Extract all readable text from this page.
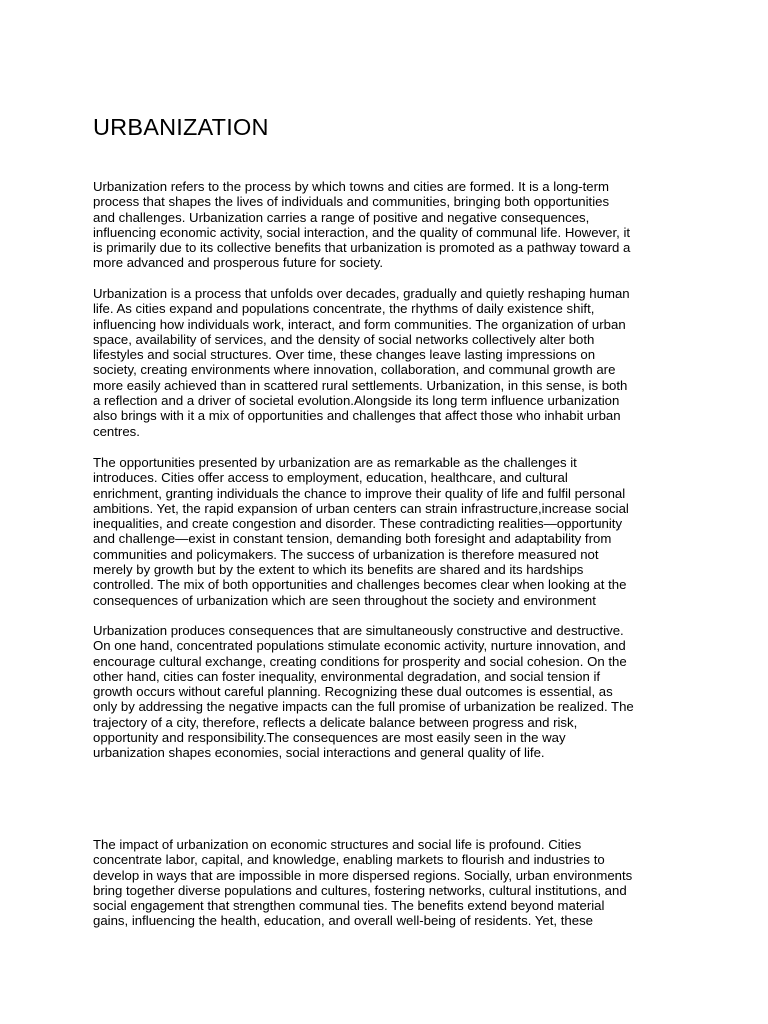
URBANIZATION

Urbanization refers to the process by which towns and cities are formed. It is a long-term
process that shapes the lives of individuals and communities, bringing both opportunities
and challenges. Urbanization carries a range of positive and negative consequences,
influencing economic activity, social interaction, and the quality of communal life. However, it
is primarily due to its collective benefits that urbanization is promoted as a pathway toward a
more advanced and prosperous future for society.

Urbanization is a process that unfolds over decades, gradually and quietly reshaping human
life. As cities expand and populations concentrate, the rhythms of daily existence shift,
influencing how individuals work, interact, and form communities. The organization of urban
space, availability of services, and the density of social networks collectively alter both
lifestyles and social structures. Over time, these changes leave lasting impressions on
society, creating environments where innovation, collaboration, and communal growth are
more easily achieved than in scattered rural settlements. Urbanization, in this sense, is both
a reflection and a driver of societal evolution.Alongside its long term influence urbanization
also brings with it a mix of opportunities and challenges that affect those who inhabit urban
centres.

The opportunities presented by urbanization are as remarkable as the challenges it
introduces. Cities offer access to employment, education, healthcare, and cultural
enrichment, granting individuals the chance to improve their quality of life and fulfil personal
ambitions. Yet, the rapid expansion of urban centers can strain infrastructure,increase social
inequalities, and create congestion and disorder. These contradicting realities—opportunity
and challenge—exist in constant tension, demanding both foresight and adaptability from
communities and policymakers. The success of urbanization is therefore measured not
merely by growth but by the extent to which its benefits are shared and its hardships
controlled. The mix of both opportunities and challenges becomes clear when looking at the
consequences of urbanization which are seen throughout the society and environment

Urbanization produces consequences that are simultaneously constructive and destructive.
On one hand, concentrated populations stimulate economic activity, nurture innovation, and
encourage cultural exchange, creating conditions for prosperity and social cohesion. On the
other hand, cities can foster inequality, environmental degradation, and social tension if
growth occurs without careful planning. Recognizing these dual outcomes is essential, as
only by addressing the negative impacts can the full promise of urbanization be realized. The
trajectory of a city, therefore, reflects a delicate balance between progress and risk,
opportunity and responsibility.The consequences are most easily seen in the way
urbanization shapes economies, social interactions and general quality of life.

The impact of urbanization on economic structures and social life is profound. Cities
concentrate labor, capital, and knowledge, enabling markets to flourish and industries to
develop in ways that are impossible in more dispersed regions. Socially, urban environments
bring together diverse populations and cultures, fostering networks, cultural institutions, and
social engagement that strengthen communal ties. The benefits extend beyond material
gains, influencing the health, education, and overall well-being of residents. Yet, these
